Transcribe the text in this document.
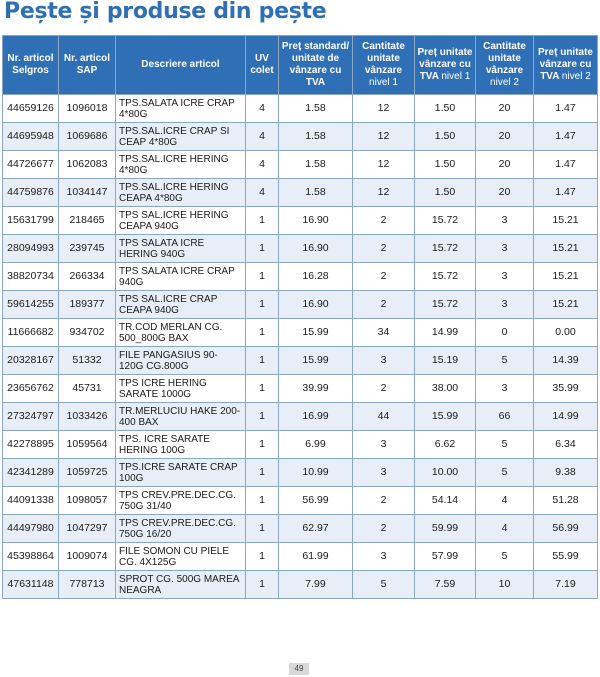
Pește și produse din pește
Nr. articol Selgros	Nr. articol SAP	Descriere articol	UV colet	Preț standard/ unitate de vânzare cu TVA	Cantitate unitate vânzare nivel 1	Preț unitate vânzare cu TVA nivel 1	Cantitate unitate vânzare nivel 2	Preț unitate vânzare cu TVA nivel 2
44659126	1096018	TPS.SALATA ICRE CRAP 4*80G	4	1.58	12	1.50	20	1.47
44695948	1069686	TPS.SAL.ICRE CRAP SI CEAP 4*80G	4	1.58	12	1.50	20	1.47
44726677	1062083	TPS.SAL.ICRE HERING 4*80G	4	1.58	12	1.50	20	1.47
44759876	1034147	TPS.SAL.ICRE HERING CEAPA 4*80G	4	1.58	12	1.50	20	1.47
15631799	218465	TPS SAL.ICRE HERING CEAPA 940G	1	16.90	2	15.72	3	15.21
28094993	239745	TPS SALATA ICRE HERING 940G	1	16.90	2	15.72	3	15.21
38820734	266334	TPS SALATA ICRE CRAP 940G	1	16.28	2	15.72	3	15.21
59614255	189377	TPS SAL.ICRE CRAP CEAPA 940G	1	16.90	2	15.72	3	15.21
11666682	934702	TR.COD MERLAN CG. 500_800G BAX	1	15.99	34	14.99	0	0.00
20328167	51332	FILE PANGASIUS 90-120G CG.800G	1	15.99	3	15.19	5	14.39
23656762	45731	TPS ICRE HERING SARATE 1000G	1	39.99	2	38.00	3	35.99
27324797	1033426	TR.MERLUCIU HAKE 200-400 BAX	1	16.99	44	15.99	66	14.99
42278895	1059564	TPS. ICRE SARATE HERING 100G	1	6.99	3	6.62	5	6.34
42341289	1059725	TPS.ICRE SARATE CRAP 100G	1	10.99	3	10.00	5	9.38
44091338	1098057	TPS CREV.PRE.DEC.CG. 750G 31/40	1	56.99	2	54.14	4	51.28
44497980	1047297	TPS CREV.PRE.DEC.CG. 750G 16/20	1	62.97	2	59.99	4	56.99
45398864	1009074	FILE SOMON CU PIELE CG. 4X125G	1	61.99	3	57.99	5	55.99
47631148	778713	SPROT CG. 500G MAREA NEAGRA	1	7.99	5	7.59	10	7.19
49
